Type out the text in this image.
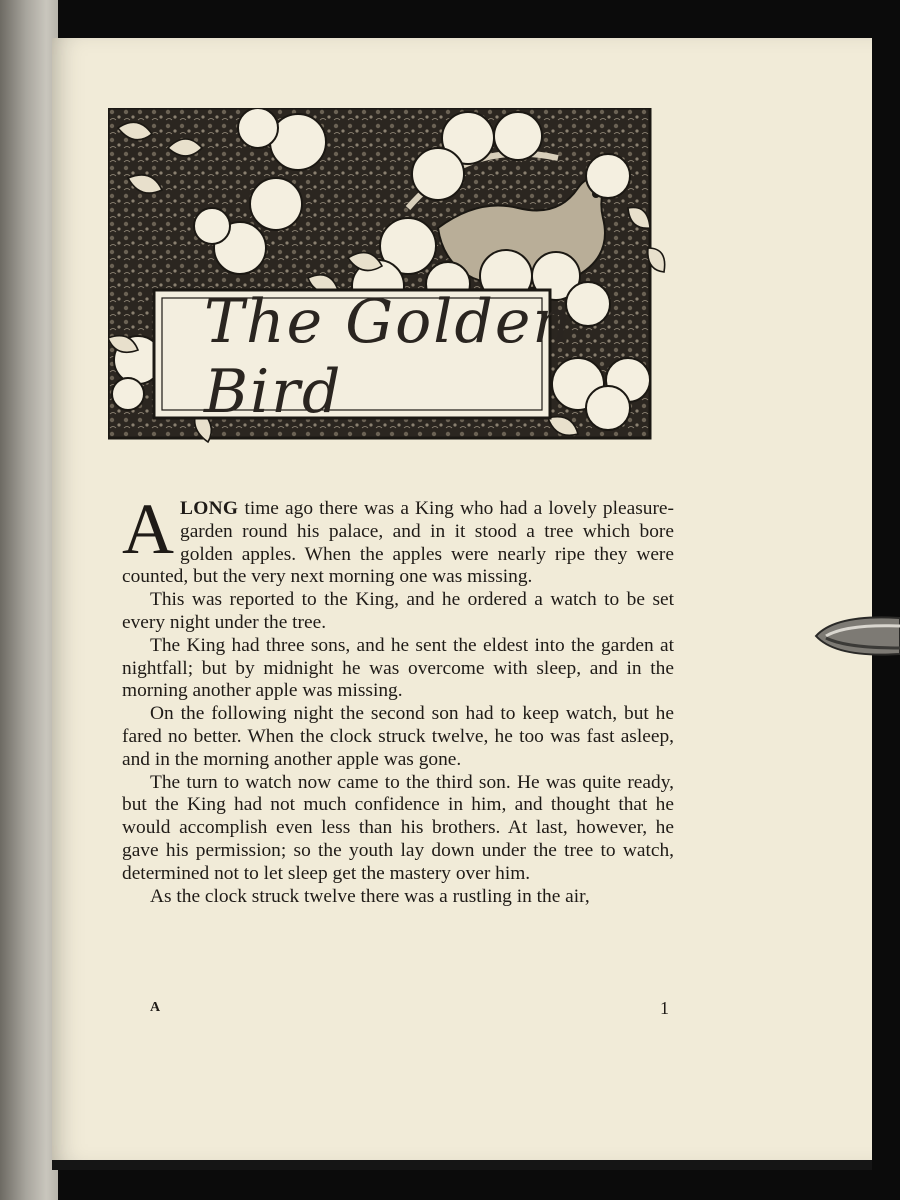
The Golden Bird

ALONG time ago there was a King who had a lovely pleasure-garden round his palace, and in it stood a tree which bore golden apples. When the apples were nearly ripe they were counted, but the very next morning one was missing.

This was reported to the King, and he ordered a watch to be set every night under the tree.

The King had three sons, and he sent the eldest into the garden at nightfall; but by midnight he was overcome with sleep, and in the morning another apple was missing.

On the following night the second son had to keep watch, but he fared no better. When the clock struck twelve, he too was fast asleep, and in the morning another apple was gone.

The turn to watch now came to the third son. He was quite ready, but the King had not much confidence in him, and thought that he would accomplish even less than his brothers. At last, however, he gave his permission; so the youth lay down under the tree to watch, determined not to let sleep get the mastery over him.

As the clock struck twelve there was a rustling in the air,

A	1
